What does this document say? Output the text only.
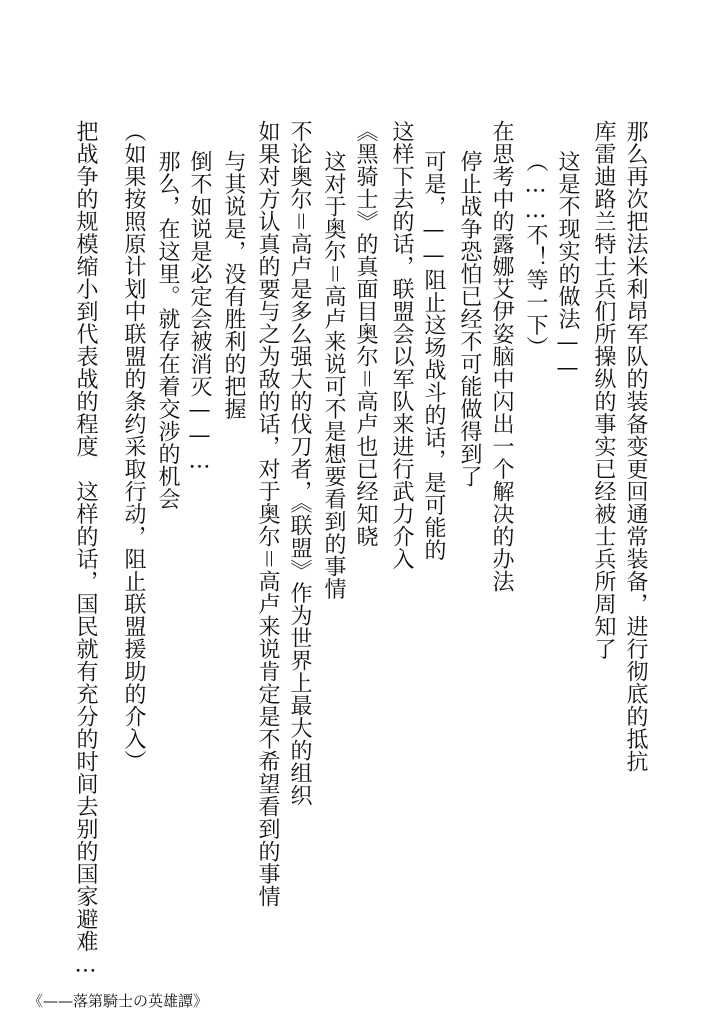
那么再次把法米利昂军队的装备变更回通常装备，进行彻底的抵抗
库雷迪路兰特士兵们所操纵的事实已经被士兵所周知了
这是不现实的做法——
（……不！等一下）
在思考中的露娜艾伊姿脑中闪出一个解决的办法
停止战争恐怕已经不可能做得到了
可是，——阻止这场战斗的话，是可能的
这样下去的话，联盟会以军队来进行武力介入
《黑骑士》的真面目奥尔＝高卢也已经知晓
这对于奥尔＝高卢来说可不是想要看到的事情
不论奥尔＝高卢是多么强大的伐刀者，《联盟》作为世界上最大的组织
如果对方认真的要与之为敌的话，对于奥尔＝高卢来说肯定是不希望看到的事情
与其说是，没有胜利的把握
倒不如说是必定会被消灭——…
那么，在这里。就存在着交涉的机会
（如果按照原计划中联盟的条约采取行动，阻止联盟援助的介入）
把战争的规模缩小到代表战的程度　这样的话，国民就有充分的时间去别的国家避难…
《——落第騎士の英雄譚》
